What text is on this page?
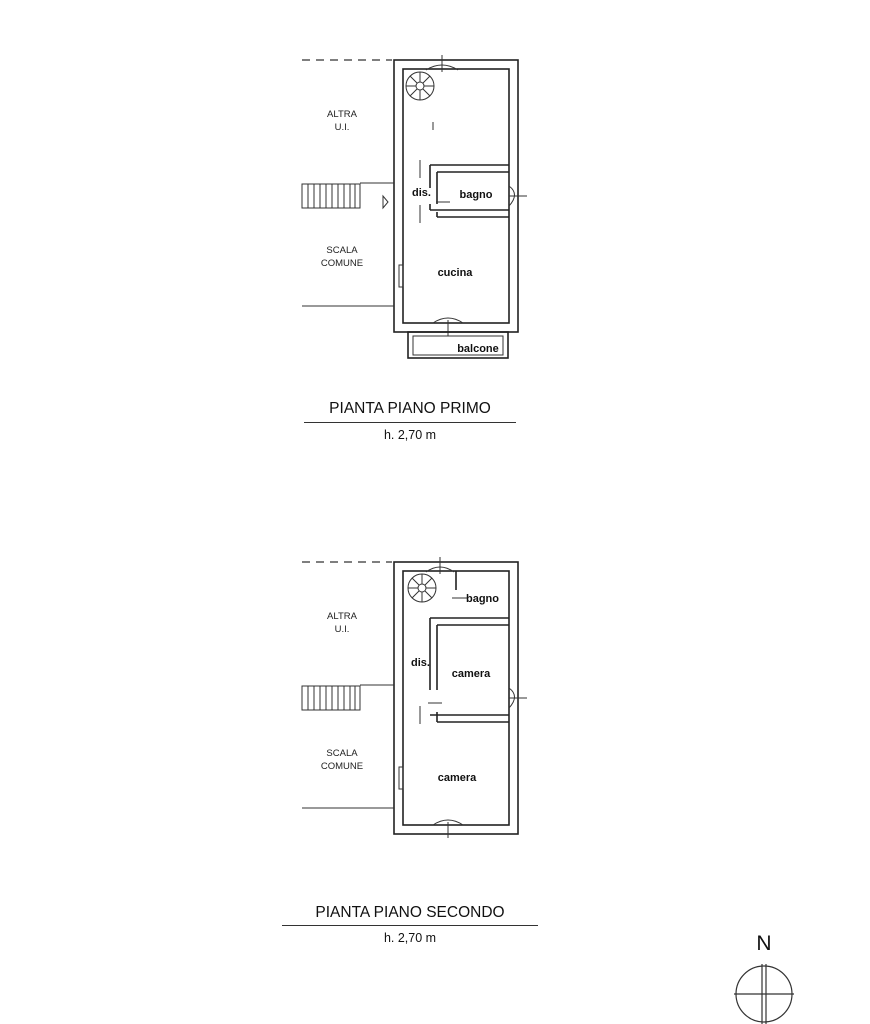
ALTRA
U.I.
SCALA
COMUNE
dis.	bagno
cucina
balcone
ALTRA
U.I.
SCALA
COMUNE
bagno
dis.
camera
camera
PIANTA PIANO PRIMO
h. 2,70 m
PIANTA PIANO SECONDO
h. 2,70 m	N
